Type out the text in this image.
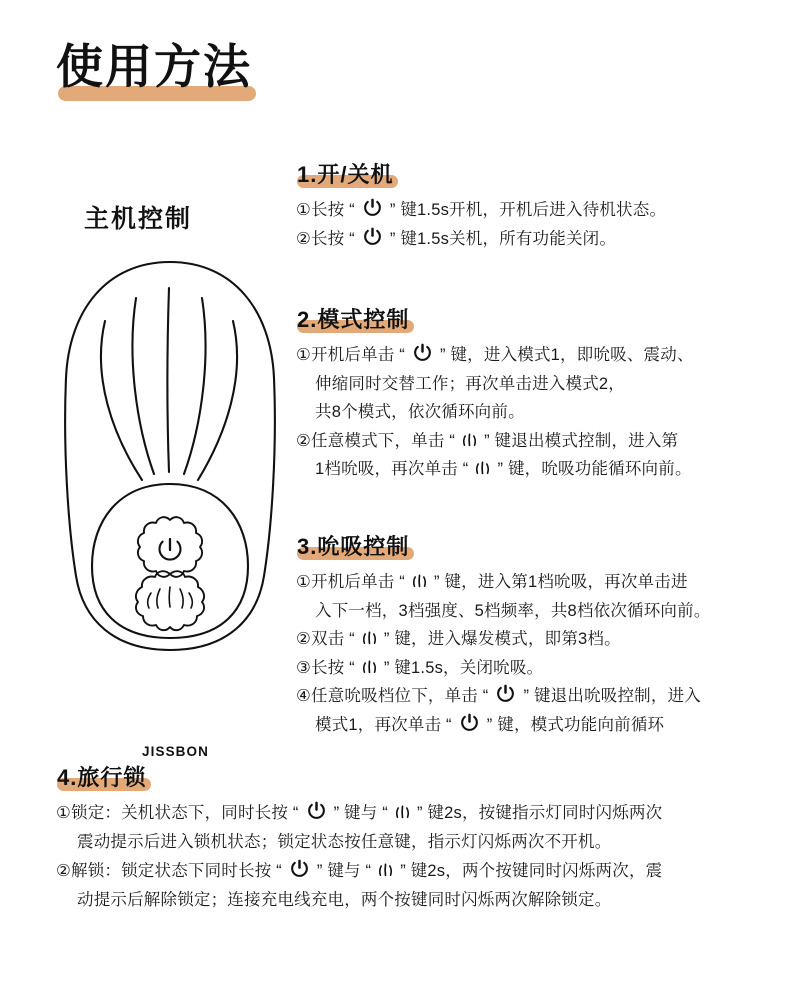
使用方法
主机控制
JISSBON
1.开/关机
①长按 “ ” 键1.5s开机，开机后进入待机状态。
②长按 “ ” 键1.5s关机，所有功能关闭。
2.模式控制
①开机后单击 “ ” 键，进入模式1，即吮吸、震动、
伸缩同时交替工作；再次单击进入模式2，
共8个模式，依次循环向前。
②任意模式下，单击 “ ” 键退出模式控制，进入第
1档吮吸，再次单击 “ ” 键，吮吸功能循环向前。
3.吮吸控制
①开机后单击 “ ” 键，进入第1档吮吸，再次单击进
入下一档，3档强度、5档频率，共8档依次循环向前。
②双击 “ ” 键，进入爆发模式，即第3档。
③长按 “ ” 键1.5s，关闭吮吸。
④任意吮吸档位下，单击 “ ” 键退出吮吸控制，进入
模式1，再次单击 “ ” 键，模式功能向前循环
4.旅行锁
①锁定：关机状态下，同时长按 “ ” 键与 “ ” 键2s，按键指示灯同时闪烁两次
震动提示后进入锁机状态；锁定状态按任意键，指示灯闪烁两次不开机。
②解锁：锁定状态下同时长按 “ ” 键与 “ ” 键2s，两个按键同时闪烁两次，震
动提示后解除锁定；连接充电线充电，两个按键同时闪烁两次解除锁定。
